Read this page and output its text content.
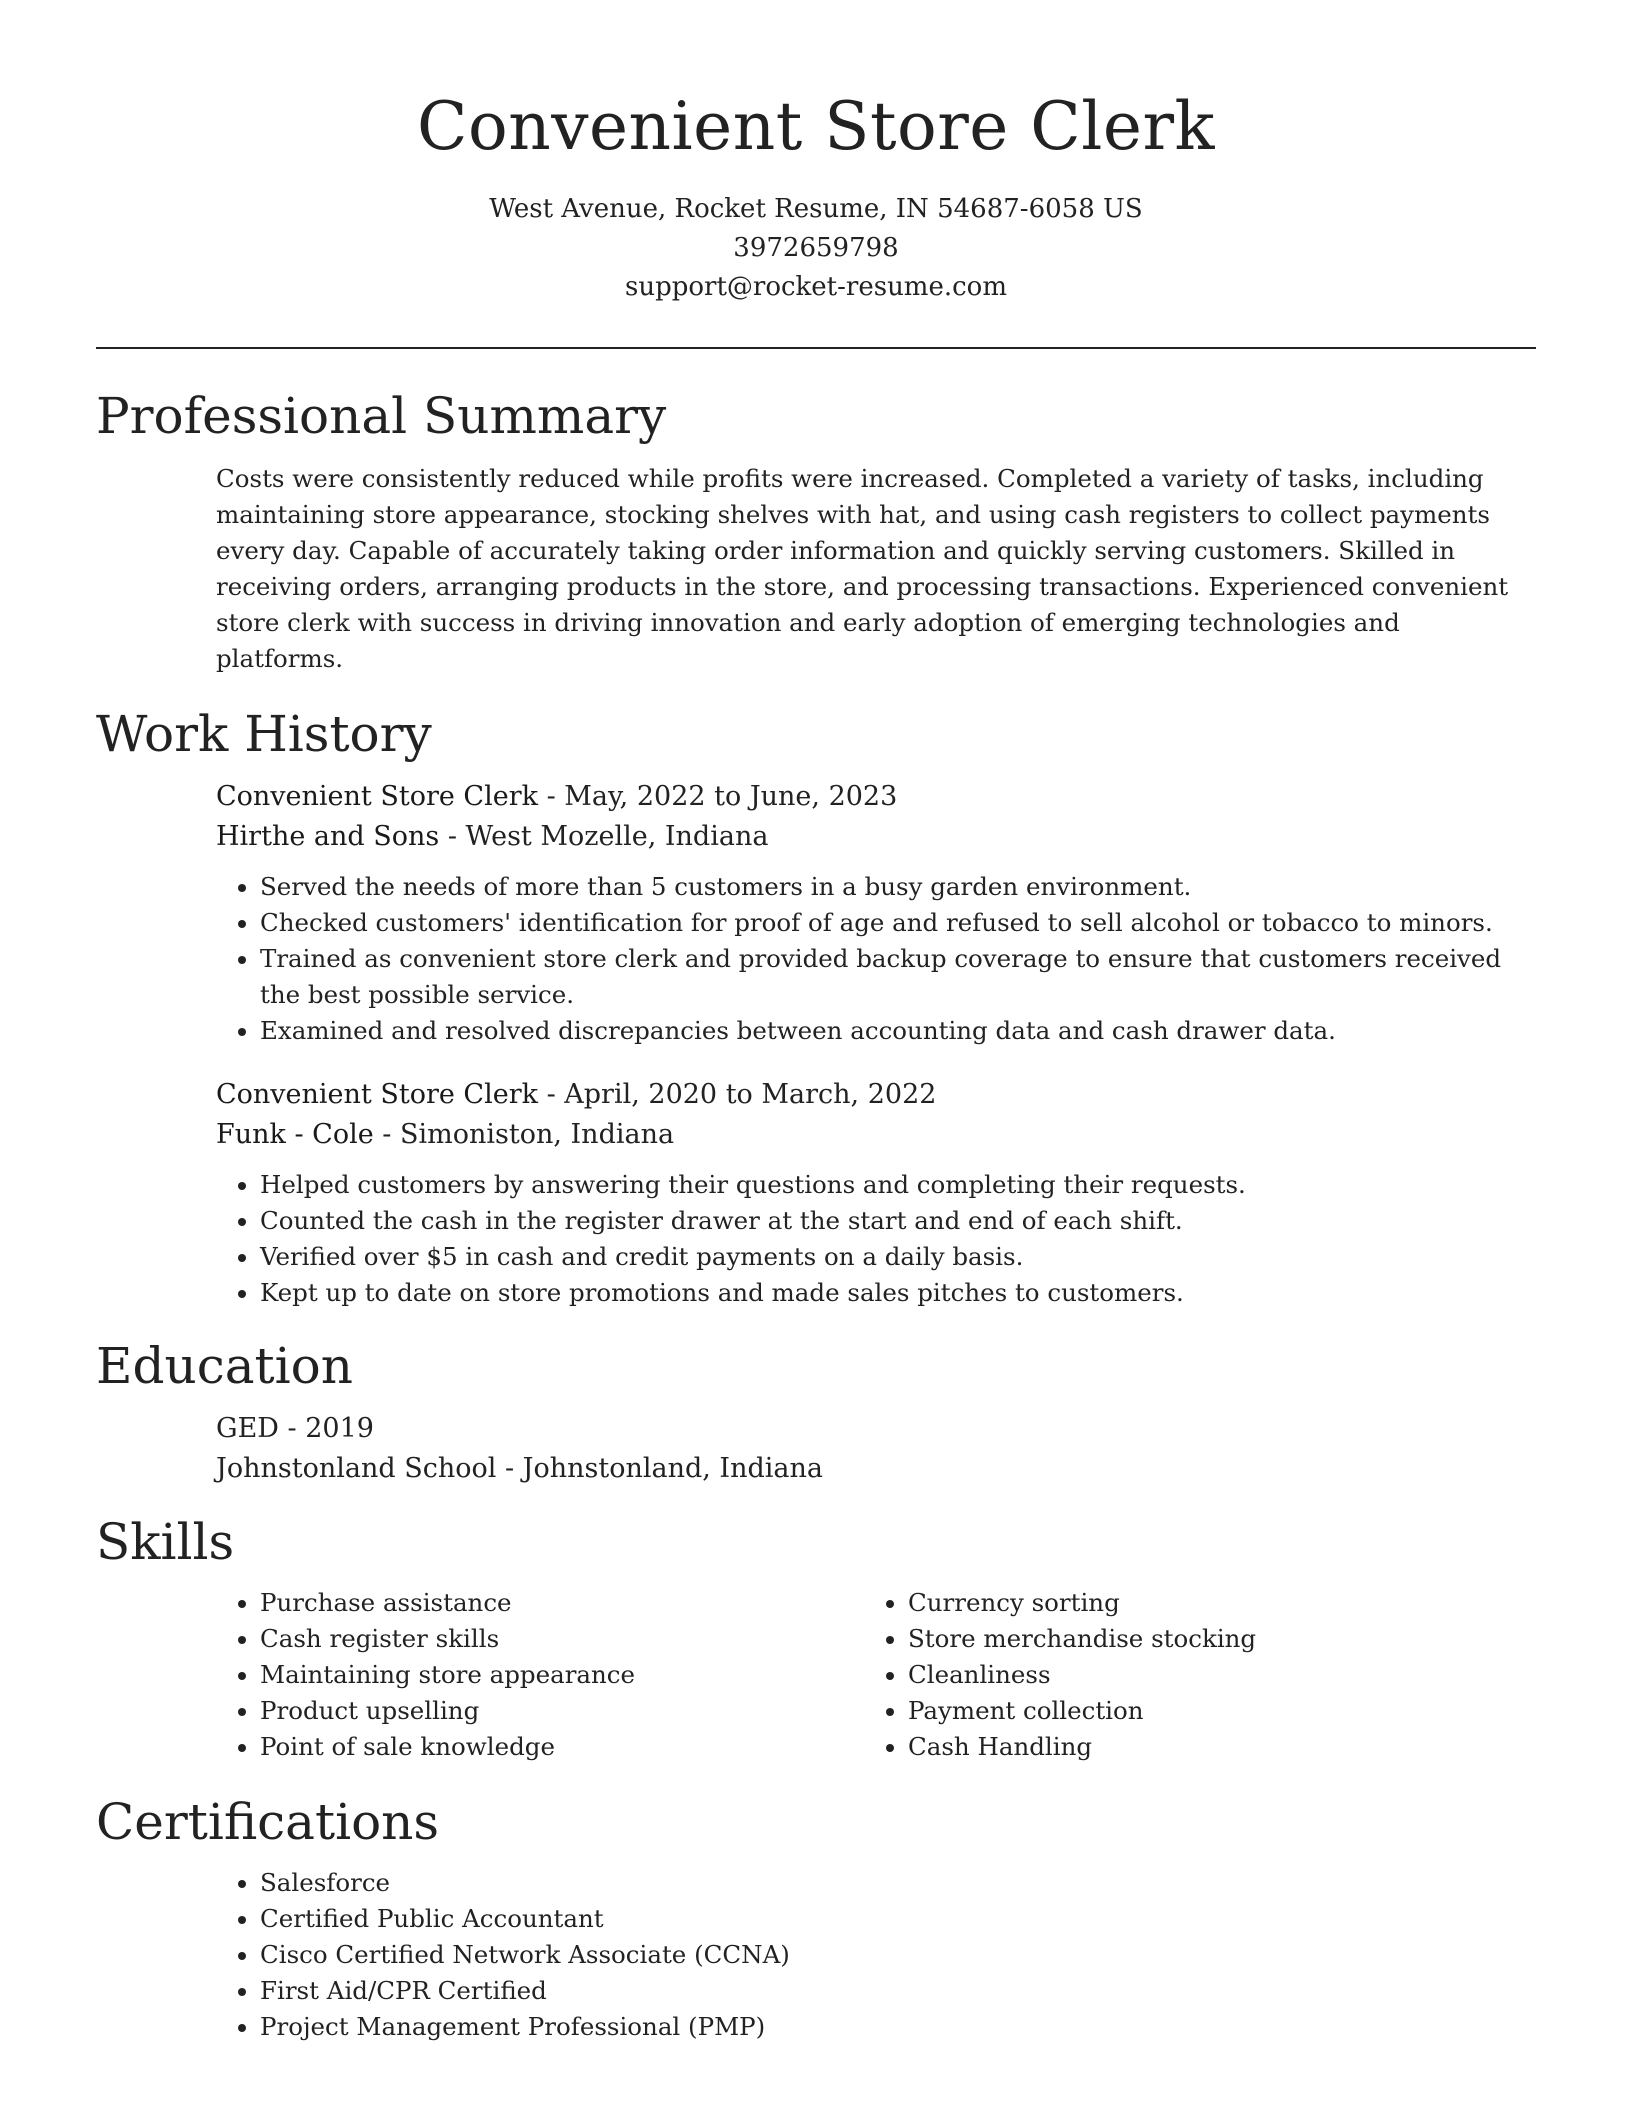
Convenient Store Clerk
West Avenue, Rocket Resume, IN 54687-6058 US
3972659798
support@rocket-resume.com
Professional Summary
Costs were consistently reduced while profits were increased. Completed a variety of tasks, including maintaining store appearance, stocking shelves with hat, and using cash registers to collect payments every day. Capable of accurately taking order information and quickly serving customers. Skilled in receiving orders, arranging products in the store, and processing transactions. Experienced convenient store clerk with success in driving innovation and early adoption of emerging technologies and platforms.
Work History
Convenient Store Clerk - May, 2022 to June, 2023
Hirthe and Sons - West Mozelle, Indiana
• Served the needs of more than 5 customers in a busy garden environment.
• Checked customers' identification for proof of age and refused to sell alcohol or tobacco to minors.
• Trained as convenient store clerk and provided backup coverage to ensure that customers received the best possible service.
• Examined and resolved discrepancies between accounting data and cash drawer data.
Convenient Store Clerk - April, 2020 to March, 2022
Funk - Cole - Simoniston, Indiana
• Helped customers by answering their questions and completing their requests.
• Counted the cash in the register drawer at the start and end of each shift.
• Verified over $5 in cash and credit payments on a daily basis.
• Kept up to date on store promotions and made sales pitches to customers.
Education
GED - 2019
Johnstonland School - Johnstonland, Indiana
Skills
• Purchase assistance
• Cash register skills
• Maintaining store appearance
• Product upselling
• Point of sale knowledge
• Currency sorting
• Store merchandise stocking
• Cleanliness
• Payment collection
• Cash Handling
Certifications
• Salesforce
• Certified Public Accountant
• Cisco Certified Network Associate (CCNA)
• First Aid/CPR Certified
• Project Management Professional (PMP)
